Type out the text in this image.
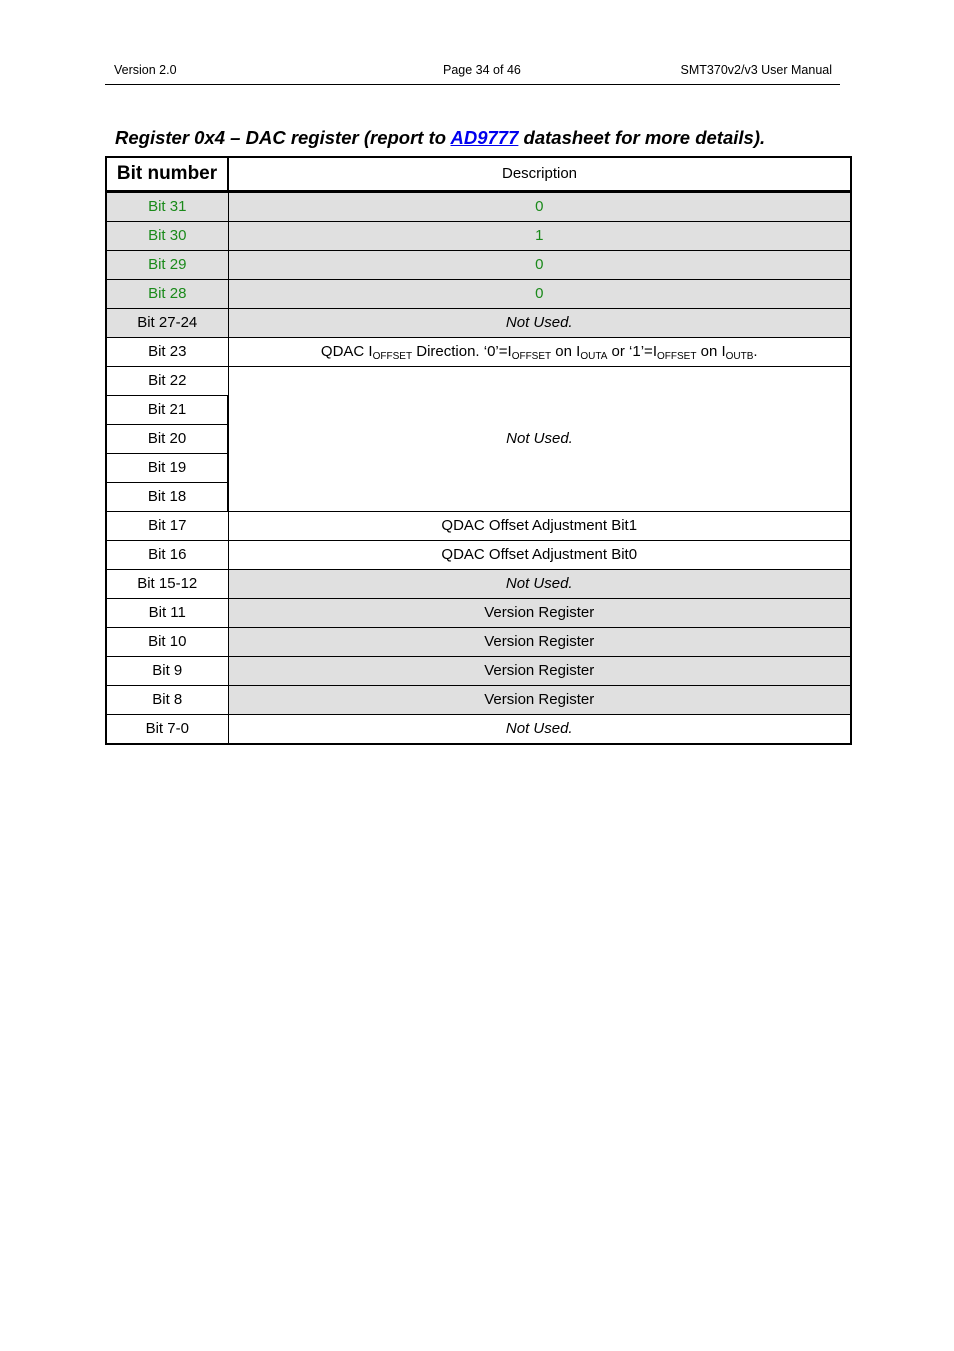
Version 2.0	Page 34 of 46	SMT370v2/v3 User Manual
Register 0x4 – DAC register (report to AD9777 datasheet for more details).
Bit number	Description
Bit 31	0
Bit 30	1
Bit 29	0
Bit 28	0
Bit 27-24	Not Used.
Bit 23	QDAC $I_{OFFSET}$ Direction. ‘$0’=I_{OFFSET}$ on $I_{OUTA}$ or ‘$1’=I_{OFFSET}$ on $I_{OUTB}$.
Bit 22	Not Used.
Bit 21	
Bit 20	
Bit 19	
Bit 18	
Bit 17	QDAC Offset Adjustment Bit1
Bit 16	QDAC Offset Adjustment Bit0
Bit 15-12	Not Used.
Bit 11	Version Register
Bit 10	Version Register
Bit 9	Version Register
Bit 8	Version Register
Bit 7-0	Not Used.
